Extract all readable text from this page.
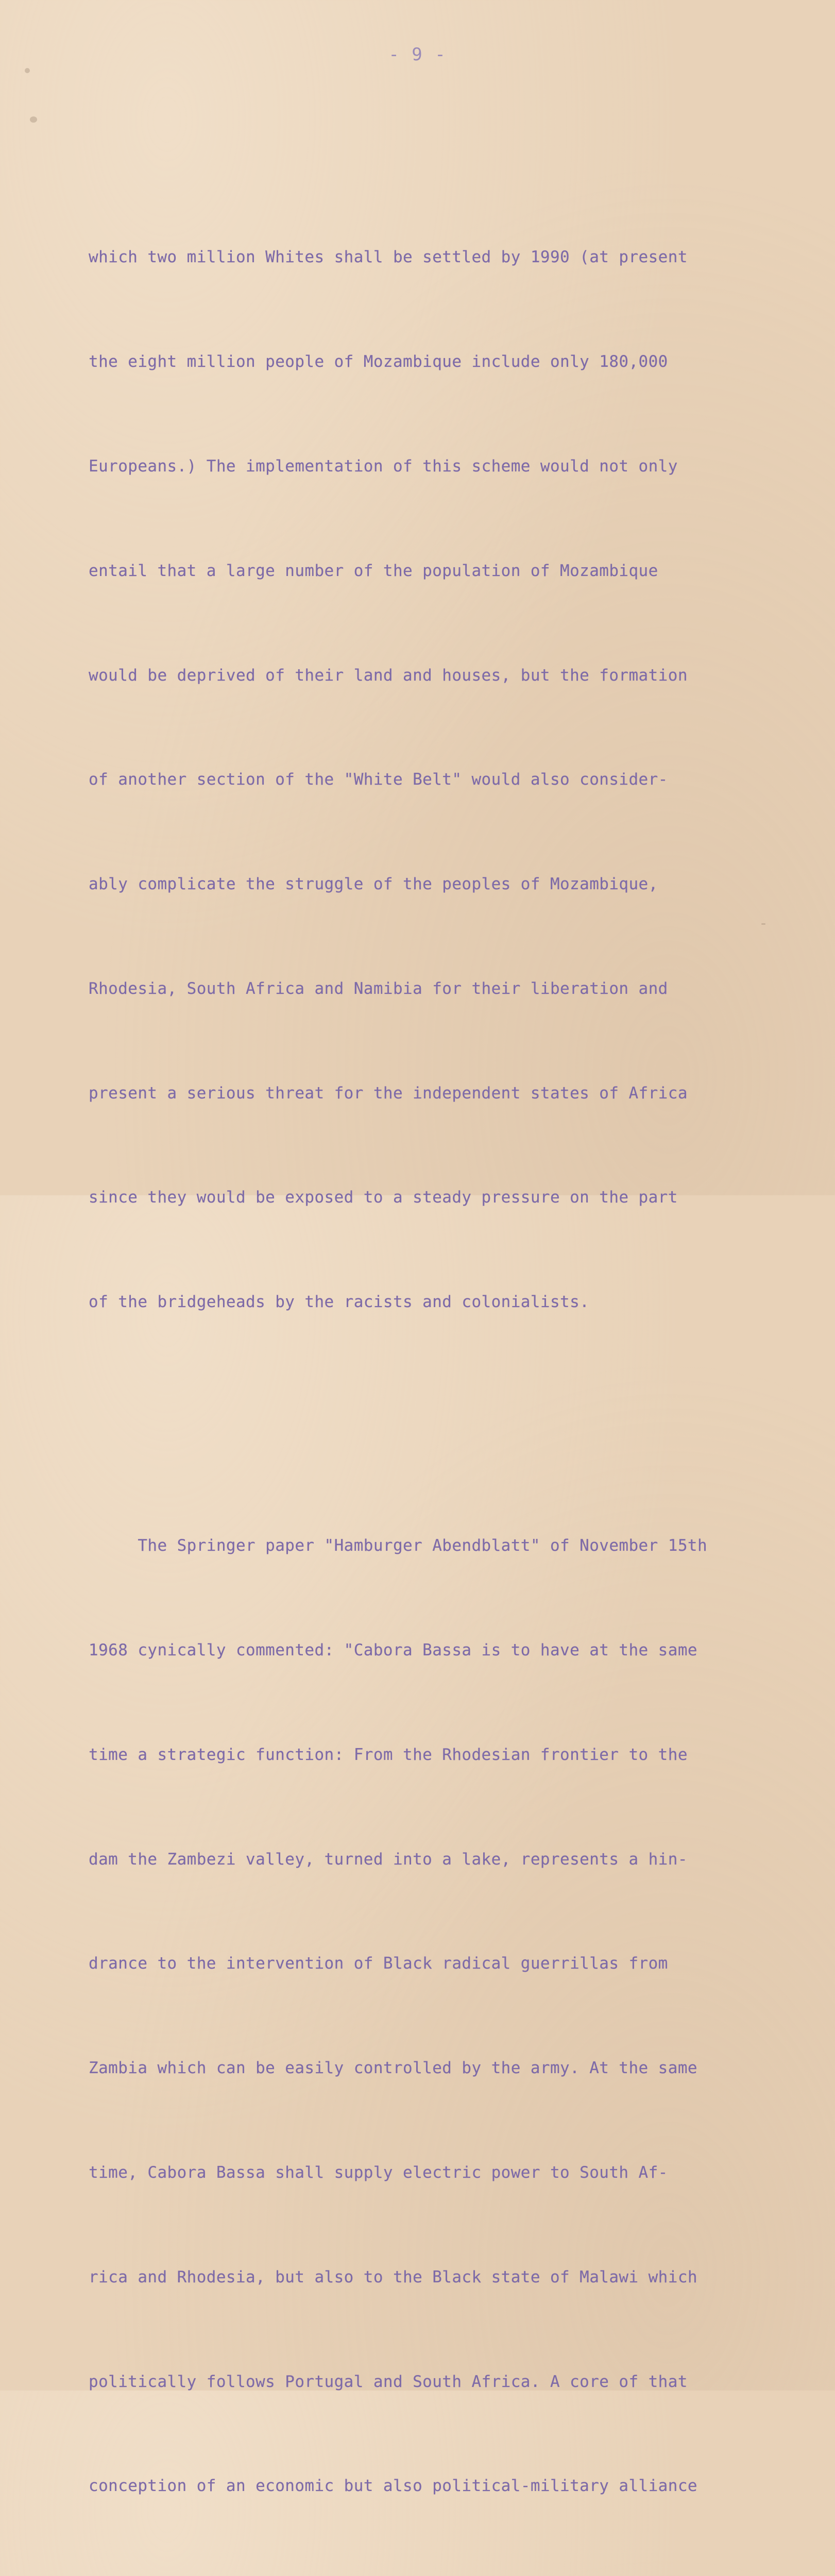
- 9 -

which two million Whites shall be settled by 1990 (at present

the eight million people of Mozambique include only 180,000

Europeans.) The implementation of this scheme would not only

entail that a large number of the population of Mozambique

would be deprived of their land and houses, but the formation

of another section of the "White Belt" would also consider-

ably complicate the struggle of the peoples of Mozambique,

Rhodesia, South Africa and Namibia for their liberation and

present a serious threat for the independent states of Africa

since they would be exposed to a steady pressure on the part

of the bridgeheads by the racists and colonialists.

The Springer paper "Hamburger Abendblatt" of November 15th

1968 cynically commented: "Cabora Bassa is to have at the same

time a strategic function: From the Rhodesian frontier to the

dam the Zambezi valley, turned into a lake, represents a hin-

drance to the intervention of Black radical guerrillas from

Zambia which can be easily controlled by the army. At the same

time, Cabora Bassa shall supply electric power to South Af-

rica and Rhodesia, but also to the Black state of Malawi which

politically follows Portugal and South Africa. A core of that

conception of an economic but also political-military alliance
